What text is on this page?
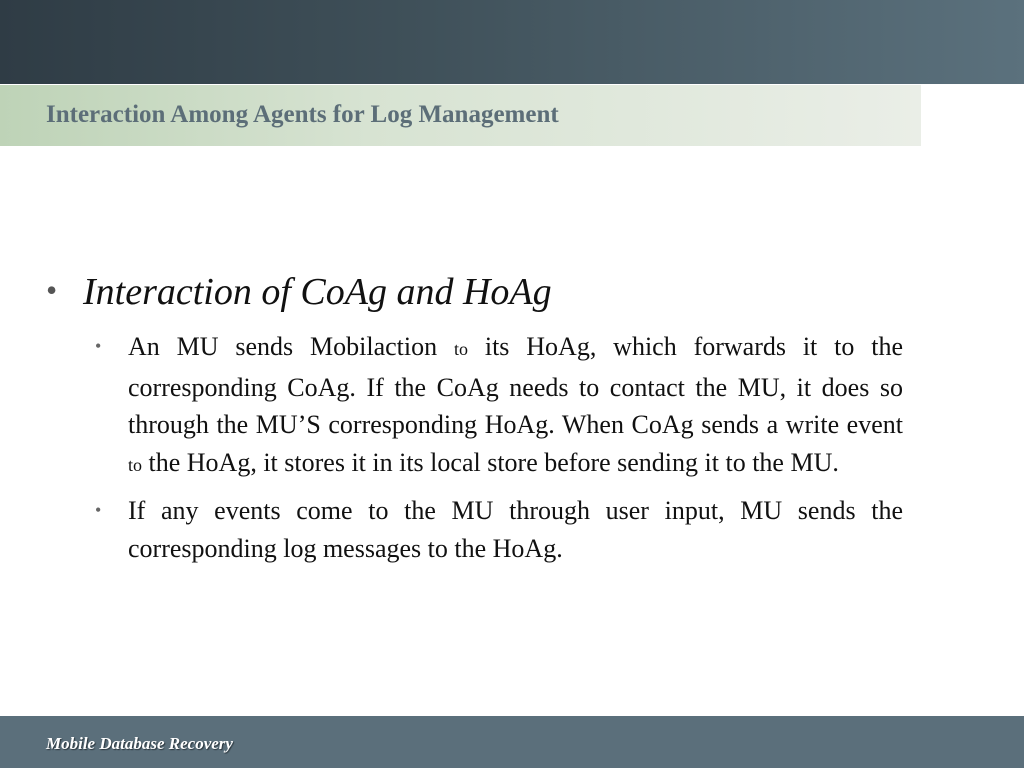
Interaction Among Agents for Log Management
• Interaction of CoAg and HoAg
• An MU sends Mobilaction to its HoAg, which forwards it to the corresponding CoAg. If the CoAg needs to contact the MU, it does so through the MU’S corresponding HoAg. When CoAg sends a write event to the HoAg, it stores it in its local store before sending it to the MU.
• If any events come to the MU through user input, MU sends the corresponding log messages to the HoAg.
Mobile Database Recovery
